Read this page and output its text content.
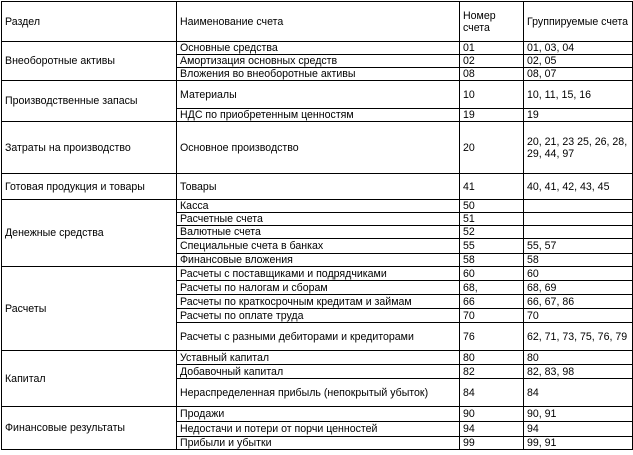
Раздел	Наименование счета	Номер счета	Группируемые счета
Внеоборотные активы	Основные средства	01	01, 03, 04
	Амортизация основных средств	02	02, 05
	Вложения во внеоборотные активы	08	08, 07
Производственные запасы	Материалы	10	10, 11, 15, 16
	НДС по приобретенным ценностям	19	19
Затраты на производство	Основное производство	20	20, 21, 23 25, 26, 28, 29, 44, 97
Готовая продукция и товары	Товары	41	40, 41, 42, 43, 45
Денежные средства	Касса	50	
	Расчетные счета	51	
	Валютные счета	52	
	Специальные счета в банках	55	55, 57
	Финансовые вложения	58	58
Расчеты	Расчеты с поставщиками и подрядчиками	60	60
	Расчеты по налогам и сборам	68,	68, 69
	Расчеты по краткосрочным кредитам и займам	66	66, 67, 86
	Расчеты по оплате труда	70	70
	Расчеты с разными дебиторами и кредиторами	76	62, 71, 73, 75, 76, 79
Капитал	Уставный капитал	80	80
	Добавочный капитал	82	82, 83, 98
	Нераспределенная прибыль (непокрытый убыток)	84	84
Финансовые результаты	Продажи	90	90, 91
	Недостачи и потери от порчи ценностей	94	94
	Прибыли и убытки	99	99, 91
